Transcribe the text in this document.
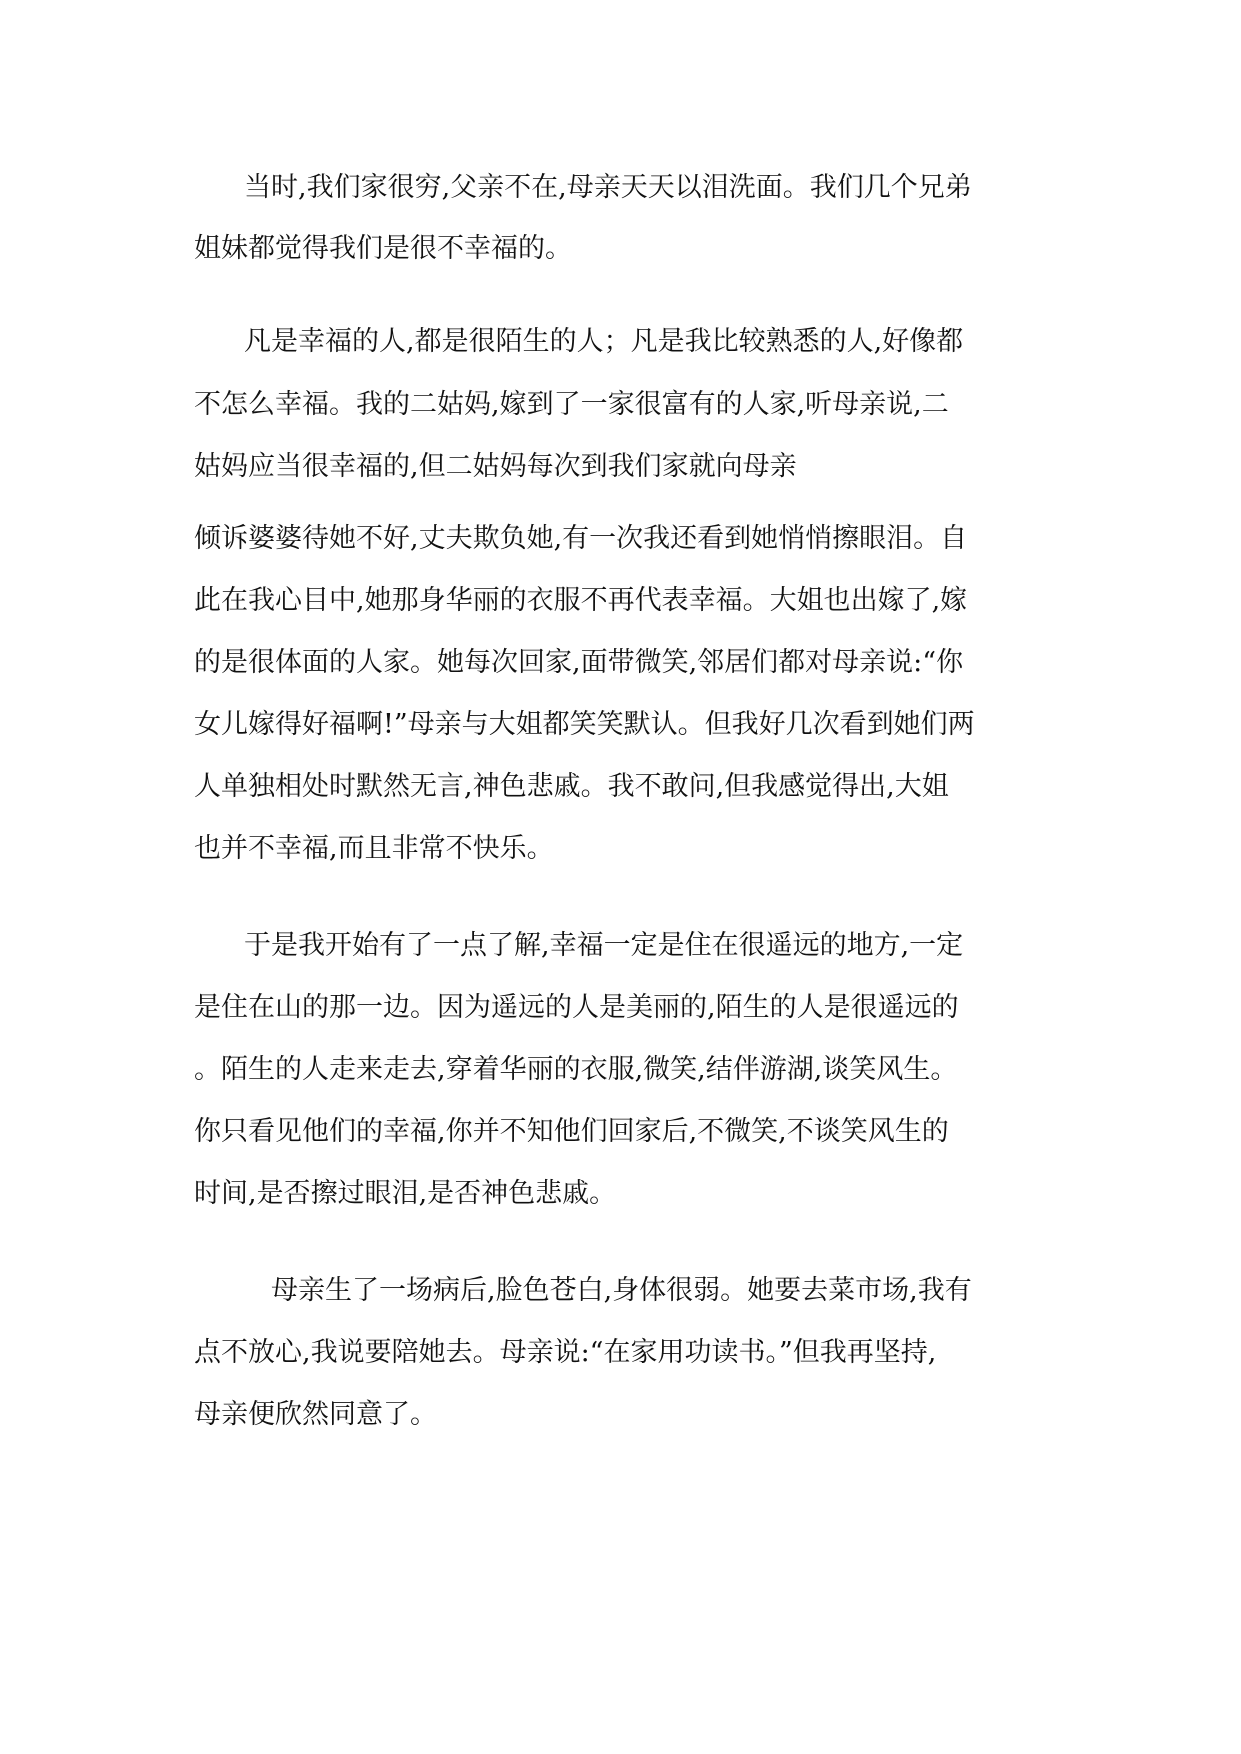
当时,我们家很穷,父亲不在,母亲天天以泪洗面。我们几个兄弟

姐妹都觉得我们是很不幸福的。

凡是幸福的人,都是很陌生的人；凡是我比较熟悉的人,好像都

不怎么幸福。我的二姑妈,嫁到了一家很富有的人家,听母亲说,二

姑妈应当很幸福的,但二姑妈每次到我们家就向母亲

倾诉婆婆待她不好,丈夫欺负她,有一次我还看到她悄悄擦眼泪。自

此在我心目中,她那身华丽的衣服不再代表幸福。大姐也出嫁了,嫁

的是很体面的人家。她每次回家,面带微笑,邻居们都对母亲说:“你

女儿嫁得好福啊!”母亲与大姐都笑笑默认。但我好几次看到她们两

人单独相处时默然无言,神色悲戚。我不敢问,但我感觉得出,大姐

也并不幸福,而且非常不快乐。

于是我开始有了一点了解,幸福一定是住在很遥远的地方,一定

是住在山的那一边。因为遥远的人是美丽的,陌生的人是很遥远的

。陌生的人走来走去,穿着华丽的衣服,微笑,结伴游湖,谈笑风生。

你只看见他们的幸福,你并不知他们回家后,不微笑,不谈笑风生的

时间,是否擦过眼泪,是否神色悲戚。

母亲生了一场病后,脸色苍白,身体很弱。她要去菜市场,我有

点不放心,我说要陪她去。母亲说:“在家用功读书。”但我再坚持,

母亲便欣然同意了。
